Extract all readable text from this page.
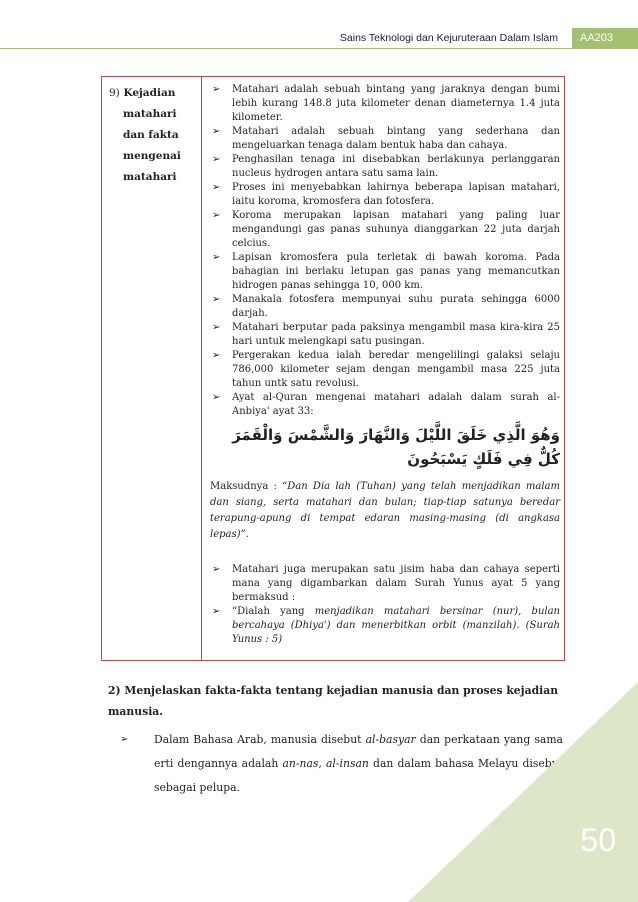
Sains Teknologi dan Kejuruteraan Dalam Islam	AA203
9) Kejadian
matahari
dan fakta
mengenai
matahari
➢ Matahari adalah sebuah bintang yang jaraknya dengan bumi lebih kurang 148.8 juta kilometer denan diameternya 1.4 juta kilometer.
➢ Matahari adalah sebuah bintang yang sederhana dan mengeluarkan tenaga dalam bentuk haba dan cahaya.
➢ Penghasilan tenaga ini disebabkan berlakunya perlanggaran nucleus hydrogen antara satu sama lain.
➢ Proses ini menyebabkan lahirnya beberapa lapisan matahari, iaitu koroma, kromosfera dan fotosfera.
➢ Koroma merupakan lapisan matahari yang paling luar mengandungi gas panas suhunya dianggarkan 22 juta darjah celcius.
➢ Lapisan kromosfera pula terletak di bawah koroma. Pada bahagian ini berlaku letupan gas panas yang memancutkan hidrogen panas sehingga 10, 000 km.
➢ Manakala fotosfera mempunyai suhu purata sehingga 6000 darjah.
➢ Matahari berputar pada paksinya mengambil masa kira-kira 25 hari untuk melengkapi satu pusingan.
➢ Pergerakan kedua ialah beredar mengelilingi galaksi selaju 786,000 kilometer sejam dengan mengambil masa 225 juta tahun untk satu revolusi.
➢ Ayat al-Quran mengenai matahari adalah dalam surah al-Anbiya' ayat 33:
وَهُوَ الَّذِي خَلَقَ اللَّيْلَ وَالنَّهَارَ وَالشَّمْسَ وَالْقَمَرَ كُلٌّ فِي فَلَكٍ يَسْبَحُونَ
Maksudnya : “Dan Dia lah (Tuhan) yang telah menjadikan malam dan siang, serta matahari dan bulan; tiap-tiap satunya beredar terapung-apung di tempat edaran masing-masing (di angkasa lepas)”.
➢ Matahari juga merupakan satu jisim haba dan cahaya seperti mana yang digambarkan dalam Surah Yunus ayat 5 yang bermaksud :
➢ “Dialah yang menjadikan matahari bersinar (nur), bulan bercahaya (Dhiya') dan menerbitkan orbit (manzilah). (Surah Yunus : 5)
2) Menjelaskan fakta-fakta tentang kejadian manusia dan proses kejadian manusia.
➢ Dalam Bahasa Arab, manusia disebut al-basyar dan perkataan yang sama erti dengannya adalah an-nas, al-insan dan dalam bahasa Melayu disebut sebagai pelupa.
50
